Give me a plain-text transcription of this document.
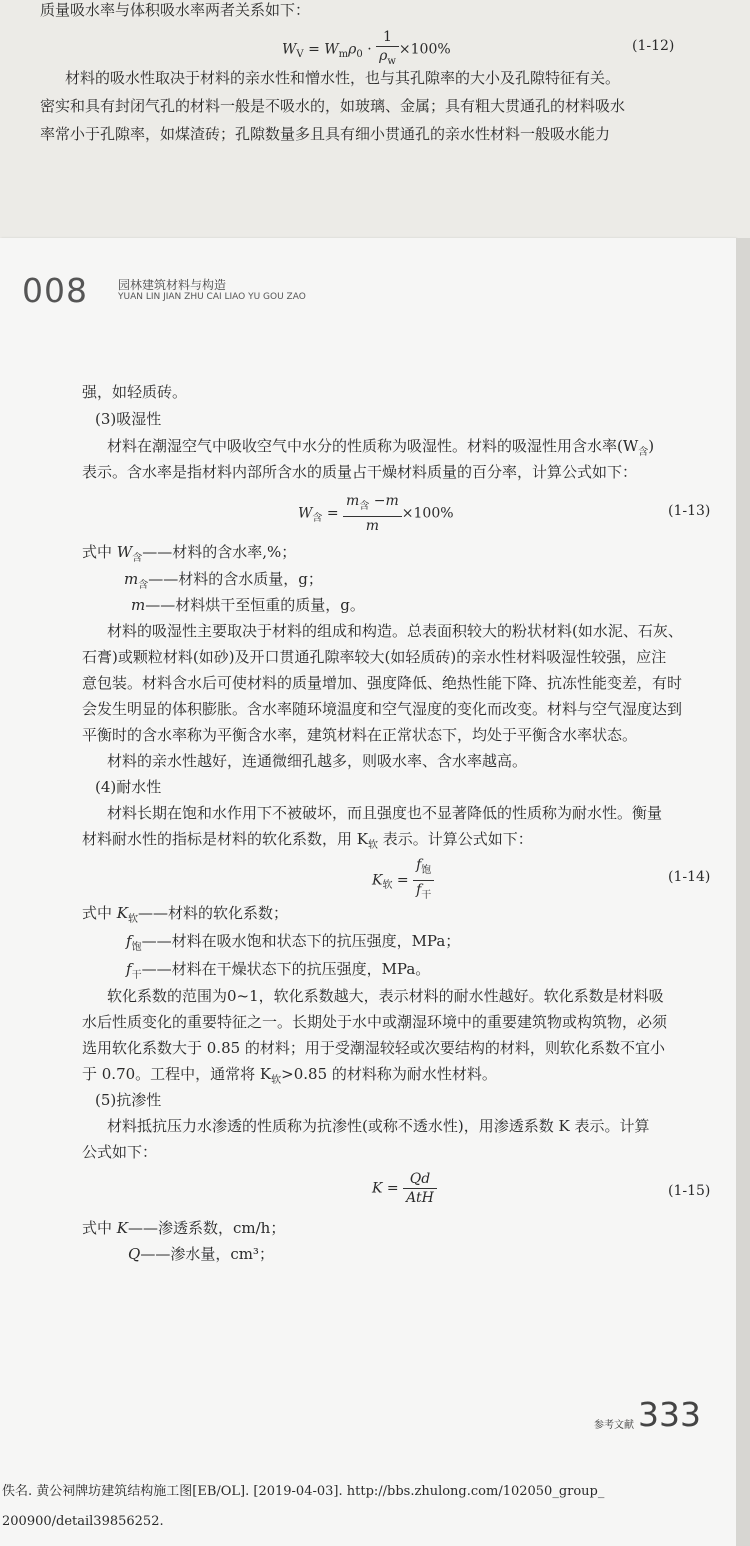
质量吸水率与体积吸水率两者关系如下：
$W_V = W_m\rho_0 \cdot \frac{1}{\rho_w} \times 100\%$	(1-12)
材料的吸水性取决于材料的亲水性和憎水性，也与其孔隙率的大小及孔隙特征有关。
密实和具有封闭气孔的材料一般是不吸水的，如玻璃、金属；具有粗大贯通孔的材料吸水
率常小于孔隙率，如煤渣砖；孔隙数量多且具有细小贯通孔的亲水性材料一般吸水能力
008	园林建筑材料与构造
YUAN LIN JIAN ZHU CAI LIAO YU GOU ZAO
强，如轻质砖。
(3)吸湿性
材料在潮湿空气中吸收空气中水分的性质称为吸湿性。材料的吸湿性用含水率$(W_含)$
表示。含水率是指材料内部所含水的质量占干燥材料质量的百分率，计算公式如下：
$W_含 = \frac{m_含 -m}{m} \times 100\%$	(1-13)
式中 $W_含——$材料的含水率,%；
$m_含——$材料的含水质量，g；
m——材料烘干至恒重的质量，g。
材料的吸湿性主要取决于材料的组成和构造。总表面积较大的粉状材料(如水泥、石灰、
石膏)或颗粒材料(如砂)及开口贯通孔隙率较大(如轻质砖)的亲水性材料吸湿性较强，应注
意包装。材料含水后可使材料的质量增加、强度降低、绝热性能下降、抗冻性能变差，有时
会发生明显的体积膨胀。含水率随环境温度和空气湿度的变化而改变。材料与空气湿度达到
平衡时的含水率称为平衡含水率，建筑材料在正常状态下，均处于平衡含水率状态。
材料的亲水性越好，连通微细孔越多，则吸水率、含水率越高。
(4)耐水性
材料长期在饱和水作用下不被破坏，而且强度也不显著降低的性质称为耐水性。衡量
材料耐水性的指标是材料的软化系数，用 $K_软$ 表示。计算公式如下：
$K_软 = \frac{f_饱}{f_干}$	(1-14)
式中 $K_软——$材料的软化系数；
$f_饱——$材料在吸水饱和状态下的抗压强度，MPa；
$f_干——$材料在干燥状态下的抗压强度，MPa。
软化系数的范围为0~1，软化系数越大，表示材料的耐水性越好。软化系数是材料吸
水后性质变化的重要特征之一。长期处于水中或潮湿环境中的重要建筑物或构筑物，必须
选用软化系数大于 0.85 的材料；用于受潮湿较轻或次要结构的材料，则软化系数不宜小
于 0.70。工程中，通常将 $K_软>0.85$ 的材料称为耐水性材料。
(5)抗渗性
材料抵抗压力水渗透的性质称为抗渗性(或称不透水性)，用渗透系数 K 表示。计算
公式如下：
$K = \frac{Qd}{\text{AtH}}$	(1-15)
式中 K——渗透系数，cm/h；
Q——渗水量，cm³；
参考文献 333
佚名. 黄公祠牌坊建筑结构施工图[EB/OL]. [2019-04-03]. http://bbs.zhulong.com/102050_group_
200900/detail39856252.
